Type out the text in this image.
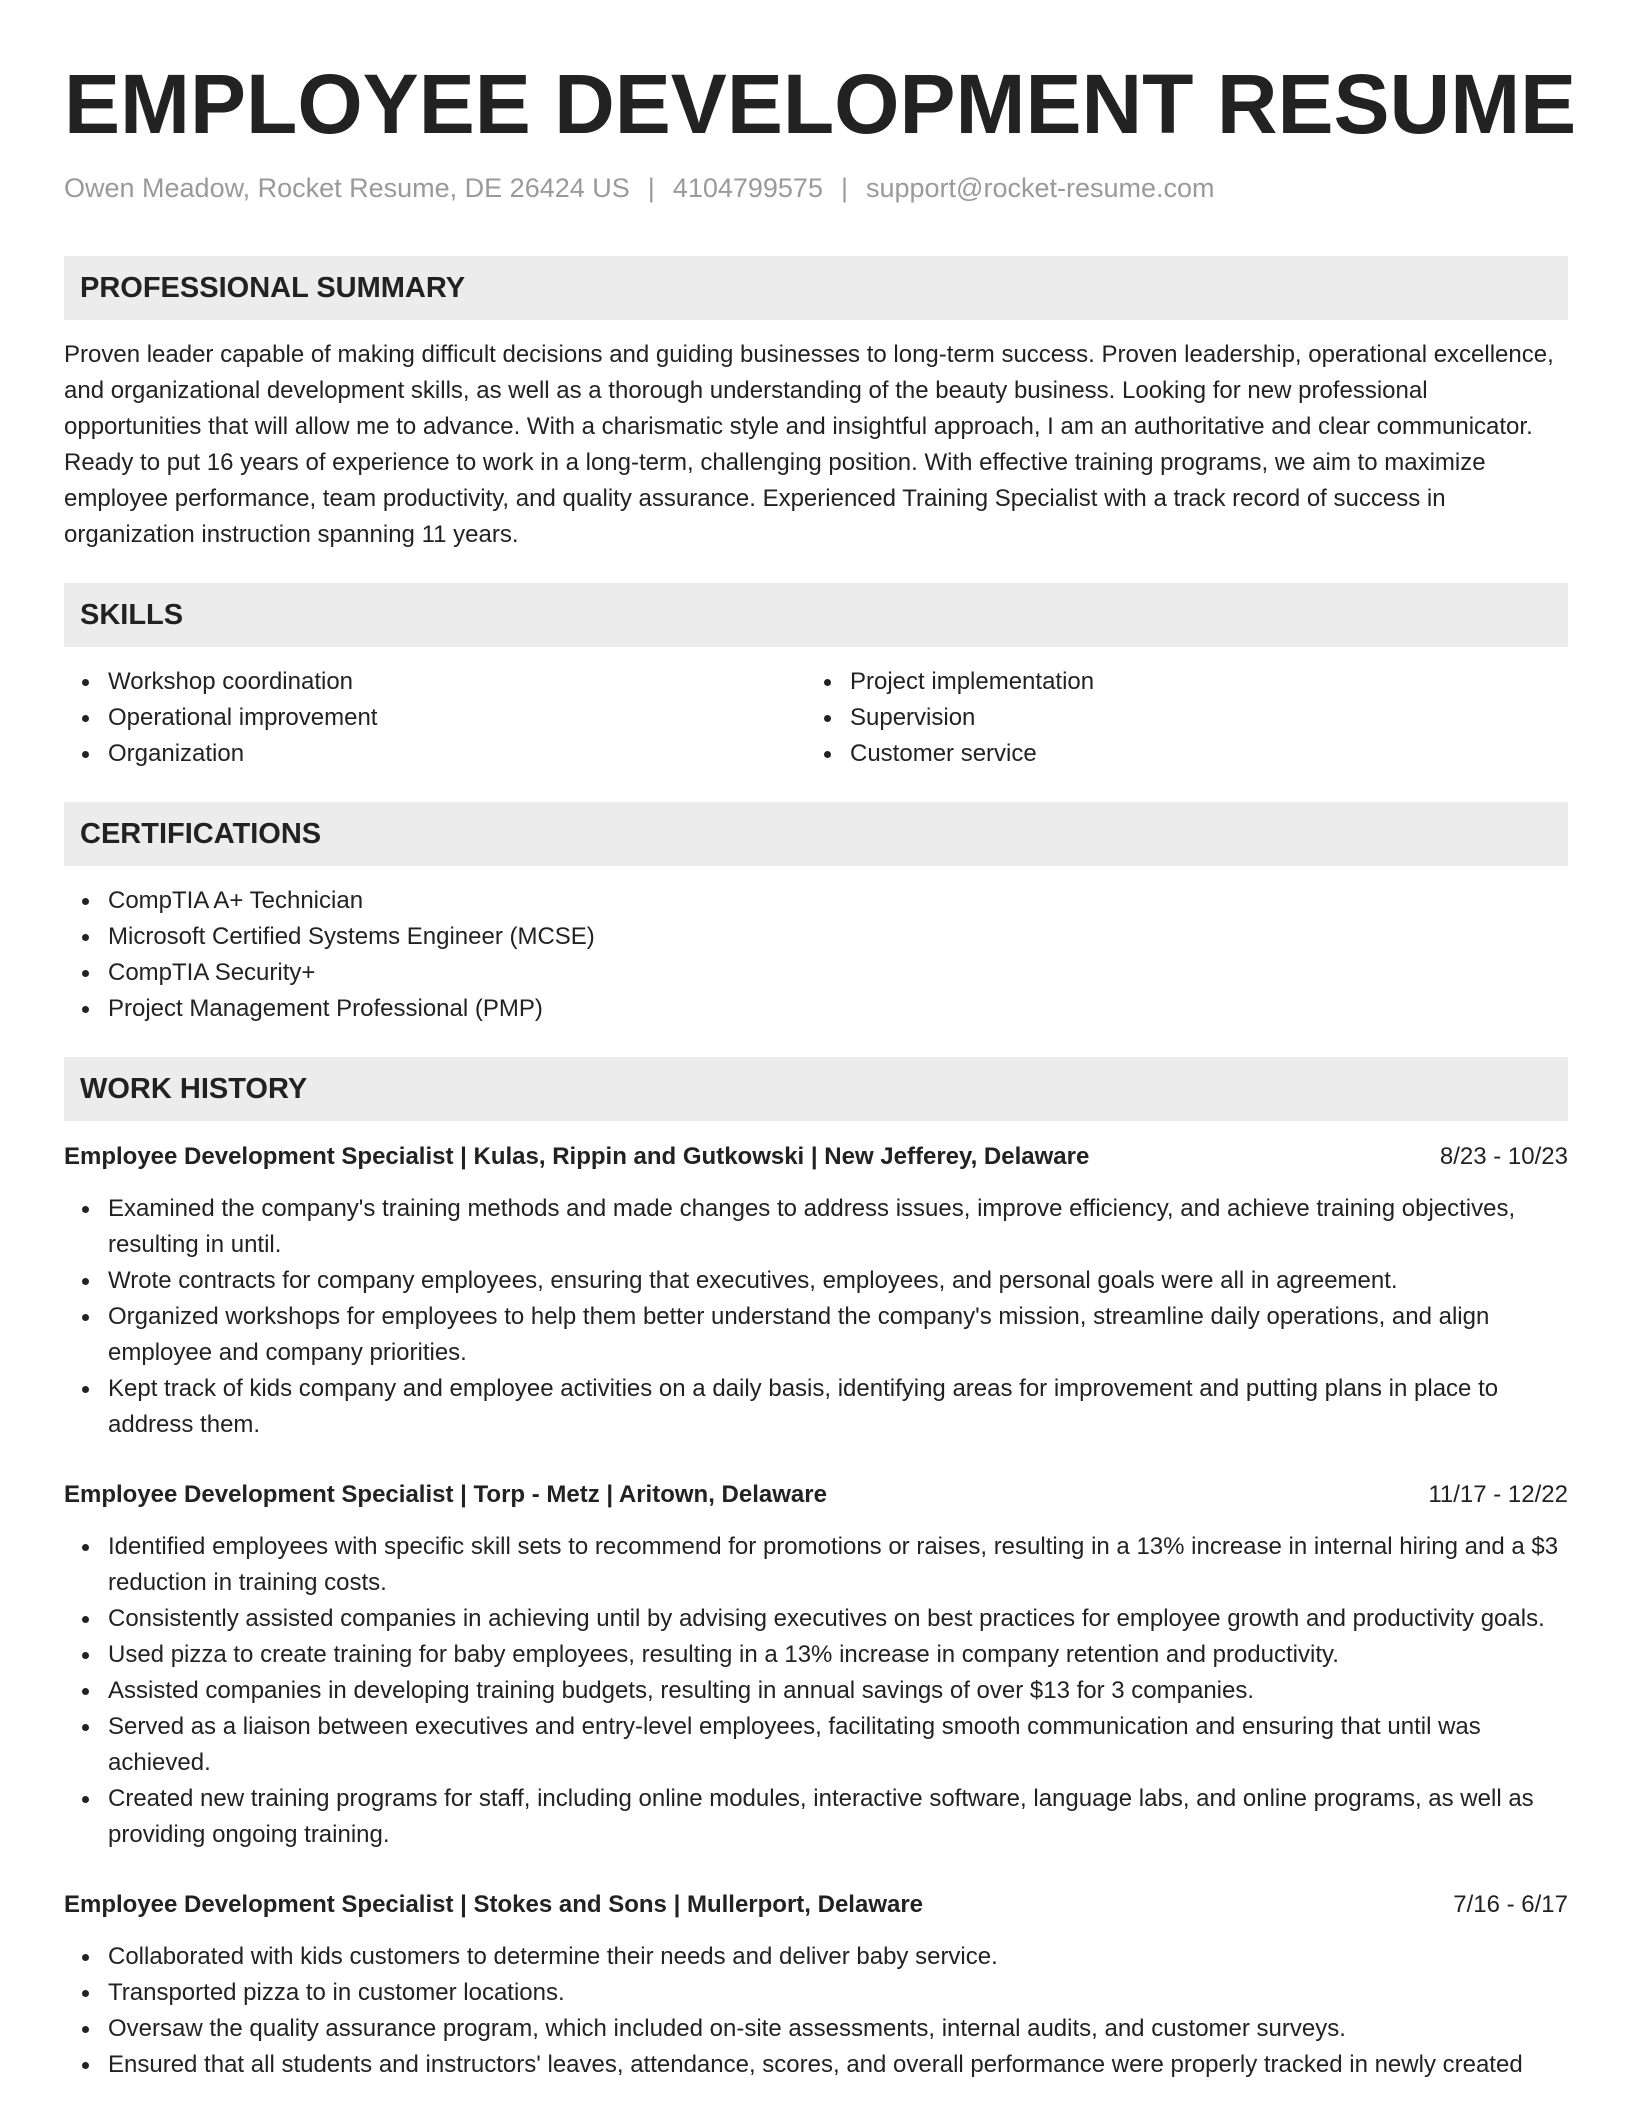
EMPLOYEE DEVELOPMENT RESUME
Owen Meadow, Rocket Resume, DE 26424 US | 4104799575 | support@rocket-resume.com
PROFESSIONAL SUMMARY

Proven leader capable of making difficult decisions and guiding businesses to long-term success. Proven leadership, operational excellence, and organizational development skills, as well as a thorough understanding of the beauty business. Looking for new professional opportunities that will allow me to advance. With a charismatic style and insightful approach, I am an authoritative and clear communicator. Ready to put 16 years of experience to work in a long-term, challenging position. With effective training programs, we aim to maximize employee performance, team productivity, and quality assurance. Experienced Training Specialist with a track record of success in organization instruction spanning 11 years.

SKILLS
Workshop coordination
Operational improvement
Organization
Project implementation
Supervision
Customer service
CERTIFICATIONS
CompTIA A+ Technician
Microsoft Certified Systems Engineer (MCSE)
CompTIA Security+
Project Management Professional (PMP)
WORK HISTORY
Employee Development Specialist | Kulas, Rippin and Gutkowski | New Jefferey, Delaware	8/23 - 10/23
Examined the company's training methods and made changes to address issues, improve efficiency, and achieve training objectives, resulting in until.
Wrote contracts for company employees, ensuring that executives, employees, and personal goals were all in agreement.
Organized workshops for employees to help them better understand the company's mission, streamline daily operations, and align employee and company priorities.
Kept track of kids company and employee activities on a daily basis, identifying areas for improvement and putting plans in place to address them.
Employee Development Specialist | Torp - Metz | Aritown, Delaware	11/17 - 12/22
Identified employees with specific skill sets to recommend for promotions or raises, resulting in a 13% increase in internal hiring and a $3 reduction in training costs.
Consistently assisted companies in achieving until by advising executives on best practices for employee growth and productivity goals.
Used pizza to create training for baby employees, resulting in a 13% increase in company retention and productivity.
Assisted companies in developing training budgets, resulting in annual savings of over $13 for 3 companies.
Served as a liaison between executives and entry-level employees, facilitating smooth communication and ensuring that until was achieved.
Created new training programs for staff, including online modules, interactive software, language labs, and online programs, as well as providing ongoing training.
Employee Development Specialist | Stokes and Sons | Mullerport, Delaware	7/16 - 6/17
Collaborated with kids customers to determine their needs and deliver baby service.
Transported pizza to in customer locations.
Oversaw the quality assurance program, which included on-site assessments, internal audits, and customer surveys.
Ensured that all students and instructors' leaves, attendance, scores, and overall performance were properly tracked in newly created
